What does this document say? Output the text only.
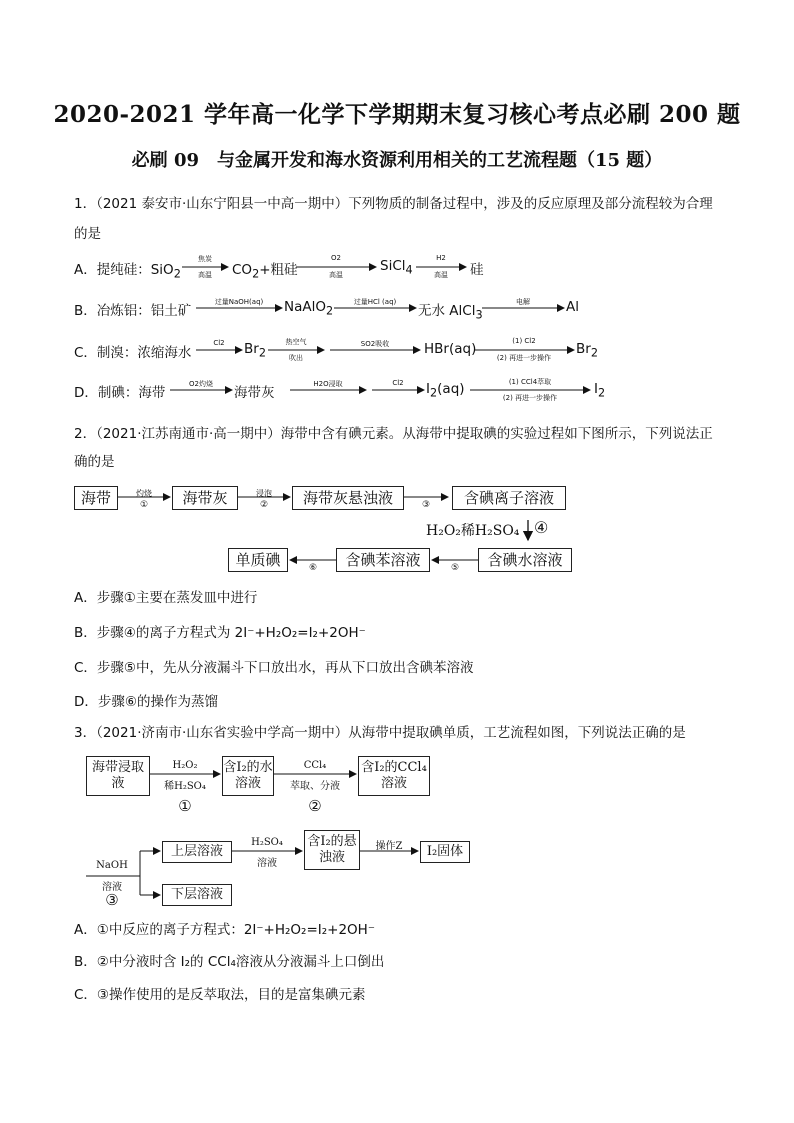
2020-2021 学年高一化学下学期期末复习核心考点必刷 200 题
必刷 09　与金属开发和海水资源利用相关的工艺流程题（15 题）
1．（2021 泰安市·山东宁阳县一中高一期中）下列物质的制备过程中，涉及的反应原理及部分流程较为合理
的是
A．提纯硅：SiO$_2$
焦炭
高温	$CO_2+$粗硅
O2
高温
SiCl$_4$
H2
高温	硅
B．冶炼铝：铝土矿
过量NaOH(aq)	NaAlO$_2$
过量HCl (aq)
无水 AlCl$_3$
电解	Al
C．制溴：浓缩海水
Cl2	$Br_2$
热空气
吹出
SO2吸收	HBr(aq)	(1) Cl2
(2) 再进一步操作
$Br_2$
D．制碘：海带
O2灼烧
海带灰
H2O浸取	Cl2	$I_2(aq)$	(1) CCl4萃取
(2) 再进一步操作
$I_2$
2．（2021·江苏南通市·高一期中）海带中含有碘元素。从海带中提取碘的实验过程如下图所示，下列说法正
确的是
海带	海带灰	海带灰悬浊液	含碘离子溶液
含碘水溶液
含碘苯溶液
单质碘
灼烧
①
浸泡
②	③
H₂O₂稀H₂SO₄ ④
⑤
⑥
A．步骤①主要在蒸发皿中进行
B．步骤④的离子方程式为 2I⁻+H₂O₂=I₂+2OH⁻
C．步骤⑤中，先从分液漏斗下口放出水，再从下口放出含碘苯溶液
D．步骤⑥的操作为蒸馏
3．（2021·济南市·山东省实验中学高一期中）从海带中提取碘单质，工艺流程如图，下列说法正确的是
海带浸取液
含I₂的水溶液
含I₂的CCl₄溶液
上层溶液
含I₂的悬浊液	I₂固体
下层溶液
H₂O₂
稀H₂SO₄
①
CCl₄
萃取、分液
②
NaOH
溶液
③
H₂SO₄
溶液
操作Z
A．①中反应的离子方程式：2I⁻+H₂O₂=I₂+2OH⁻
B．②中分液时含 I₂的 CCl₄溶液从分液漏斗上口倒出
C．③操作使用的是反萃取法，目的是富集碘元素
